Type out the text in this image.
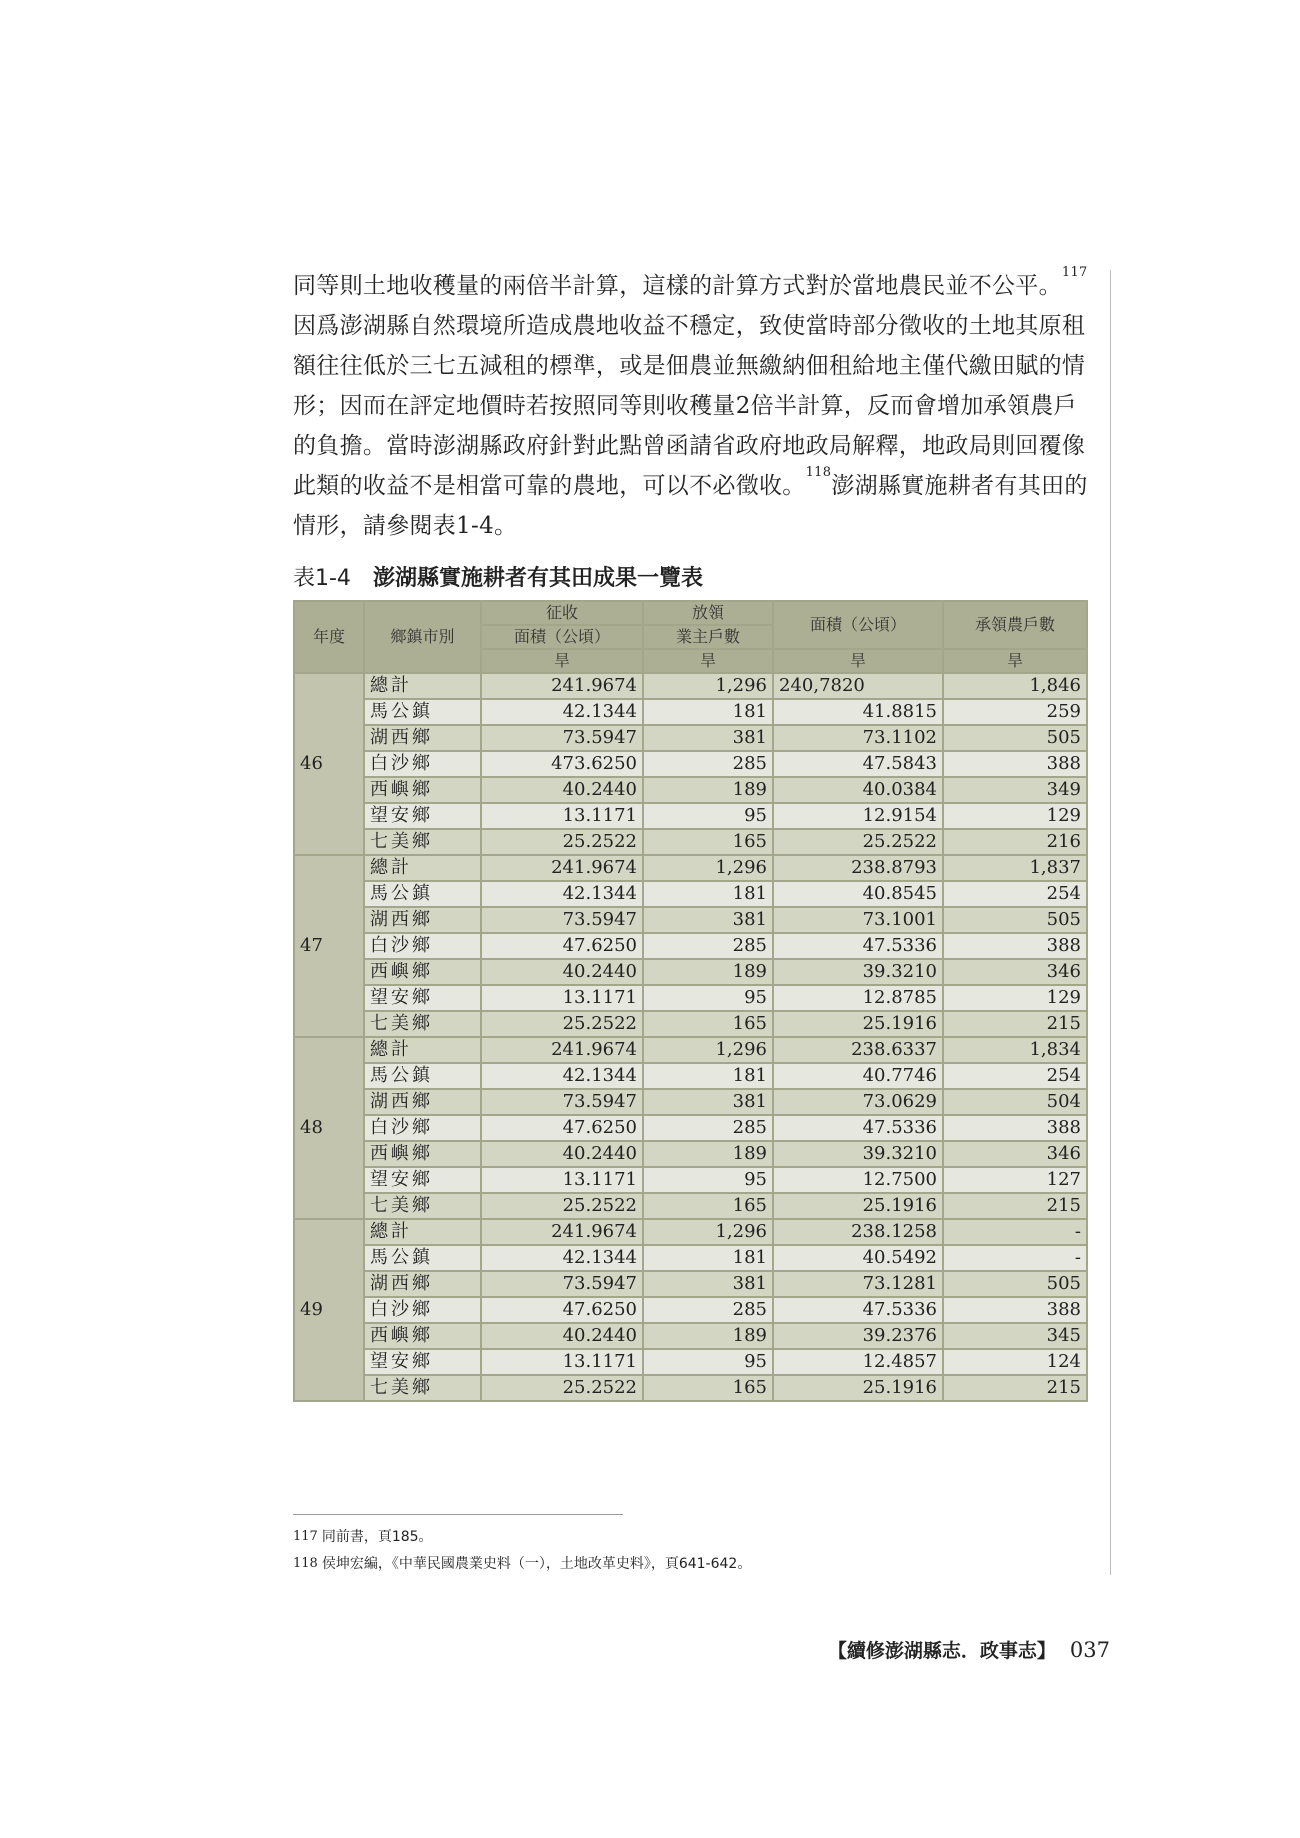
同等則土地收穫量的兩倍半計算，這樣的計算方式對於當地農民並不公平。$^{117}$

因爲澎湖縣自然環境所造成農地收益不穩定，致使當時部分徵收的土地其原租

額往往低於三七五減租的標準，或是佃農並無繳納佃租給地主僅代繳田賦的情

形；因而在評定地價時若按照同等則收穫量2倍半計算，反而會增加承領農戶

的負擔。當時澎湖縣政府針對此點曾函請省政府地政局解釋，地政局則回覆像

此類的收益不是相當可靠的農地，可以不必徵收。$^{118}$澎湖縣實施耕者有其田的

情形，請參閱表1-4。

表1-4 澎湖縣實施耕者有其田成果一覽表
年度	鄉鎮市別	征收	放領	面積（公頃）	承領農戶數
		面積（公頃）	業主戶數		
		旱	旱	旱	旱
46	總計	241.9674	1,296	240,7820	1,846
	馬公鎮	42.1344	181	41.8815	259
	湖西鄉	73.5947	381	73.1102	505
	白沙鄉	473.6250	285	47.5843	388
	西嶼鄉	40.2440	189	40.0384	349
	望安鄉	13.1171	95	12.9154	129
	七美鄉	25.2522	165	25.2522	216
47	總計	241.9674	1,296	238.8793	1,837
	馬公鎮	42.1344	181	40.8545	254
	湖西鄉	73.5947	381	73.1001	505
	白沙鄉	47.6250	285	47.5336	388
	西嶼鄉	40.2440	189	39.3210	346
	望安鄉	13.1171	95	12.8785	129
	七美鄉	25.2522	165	25.1916	215
48	總計	241.9674	1,296	238.6337	1,834
	馬公鎮	42.1344	181	40.7746	254
	湖西鄉	73.5947	381	73.0629	504
	白沙鄉	47.6250	285	47.5336	388
	西嶼鄉	40.2440	189	39.3210	346
	望安鄉	13.1171	95	12.7500	127
	七美鄉	25.2522	165	25.1916	215
49	總計	241.9674	1,296	238.1258	-
	馬公鎮	42.1344	181	40.5492	-
	湖西鄉	73.5947	381	73.1281	505
	白沙鄉	47.6250	285	47.5336	388
	西嶼鄉	40.2440	189	39.2376	345
	望安鄉	13.1171	95	12.4857	124
	七美鄉	25.2522	165	25.1916	215
117 同前書，頁185。
118 侯坤宏編，《中華民國農業史料（一），土地改革史料》，頁641-642。
【續修澎湖縣志．政事志】 037
